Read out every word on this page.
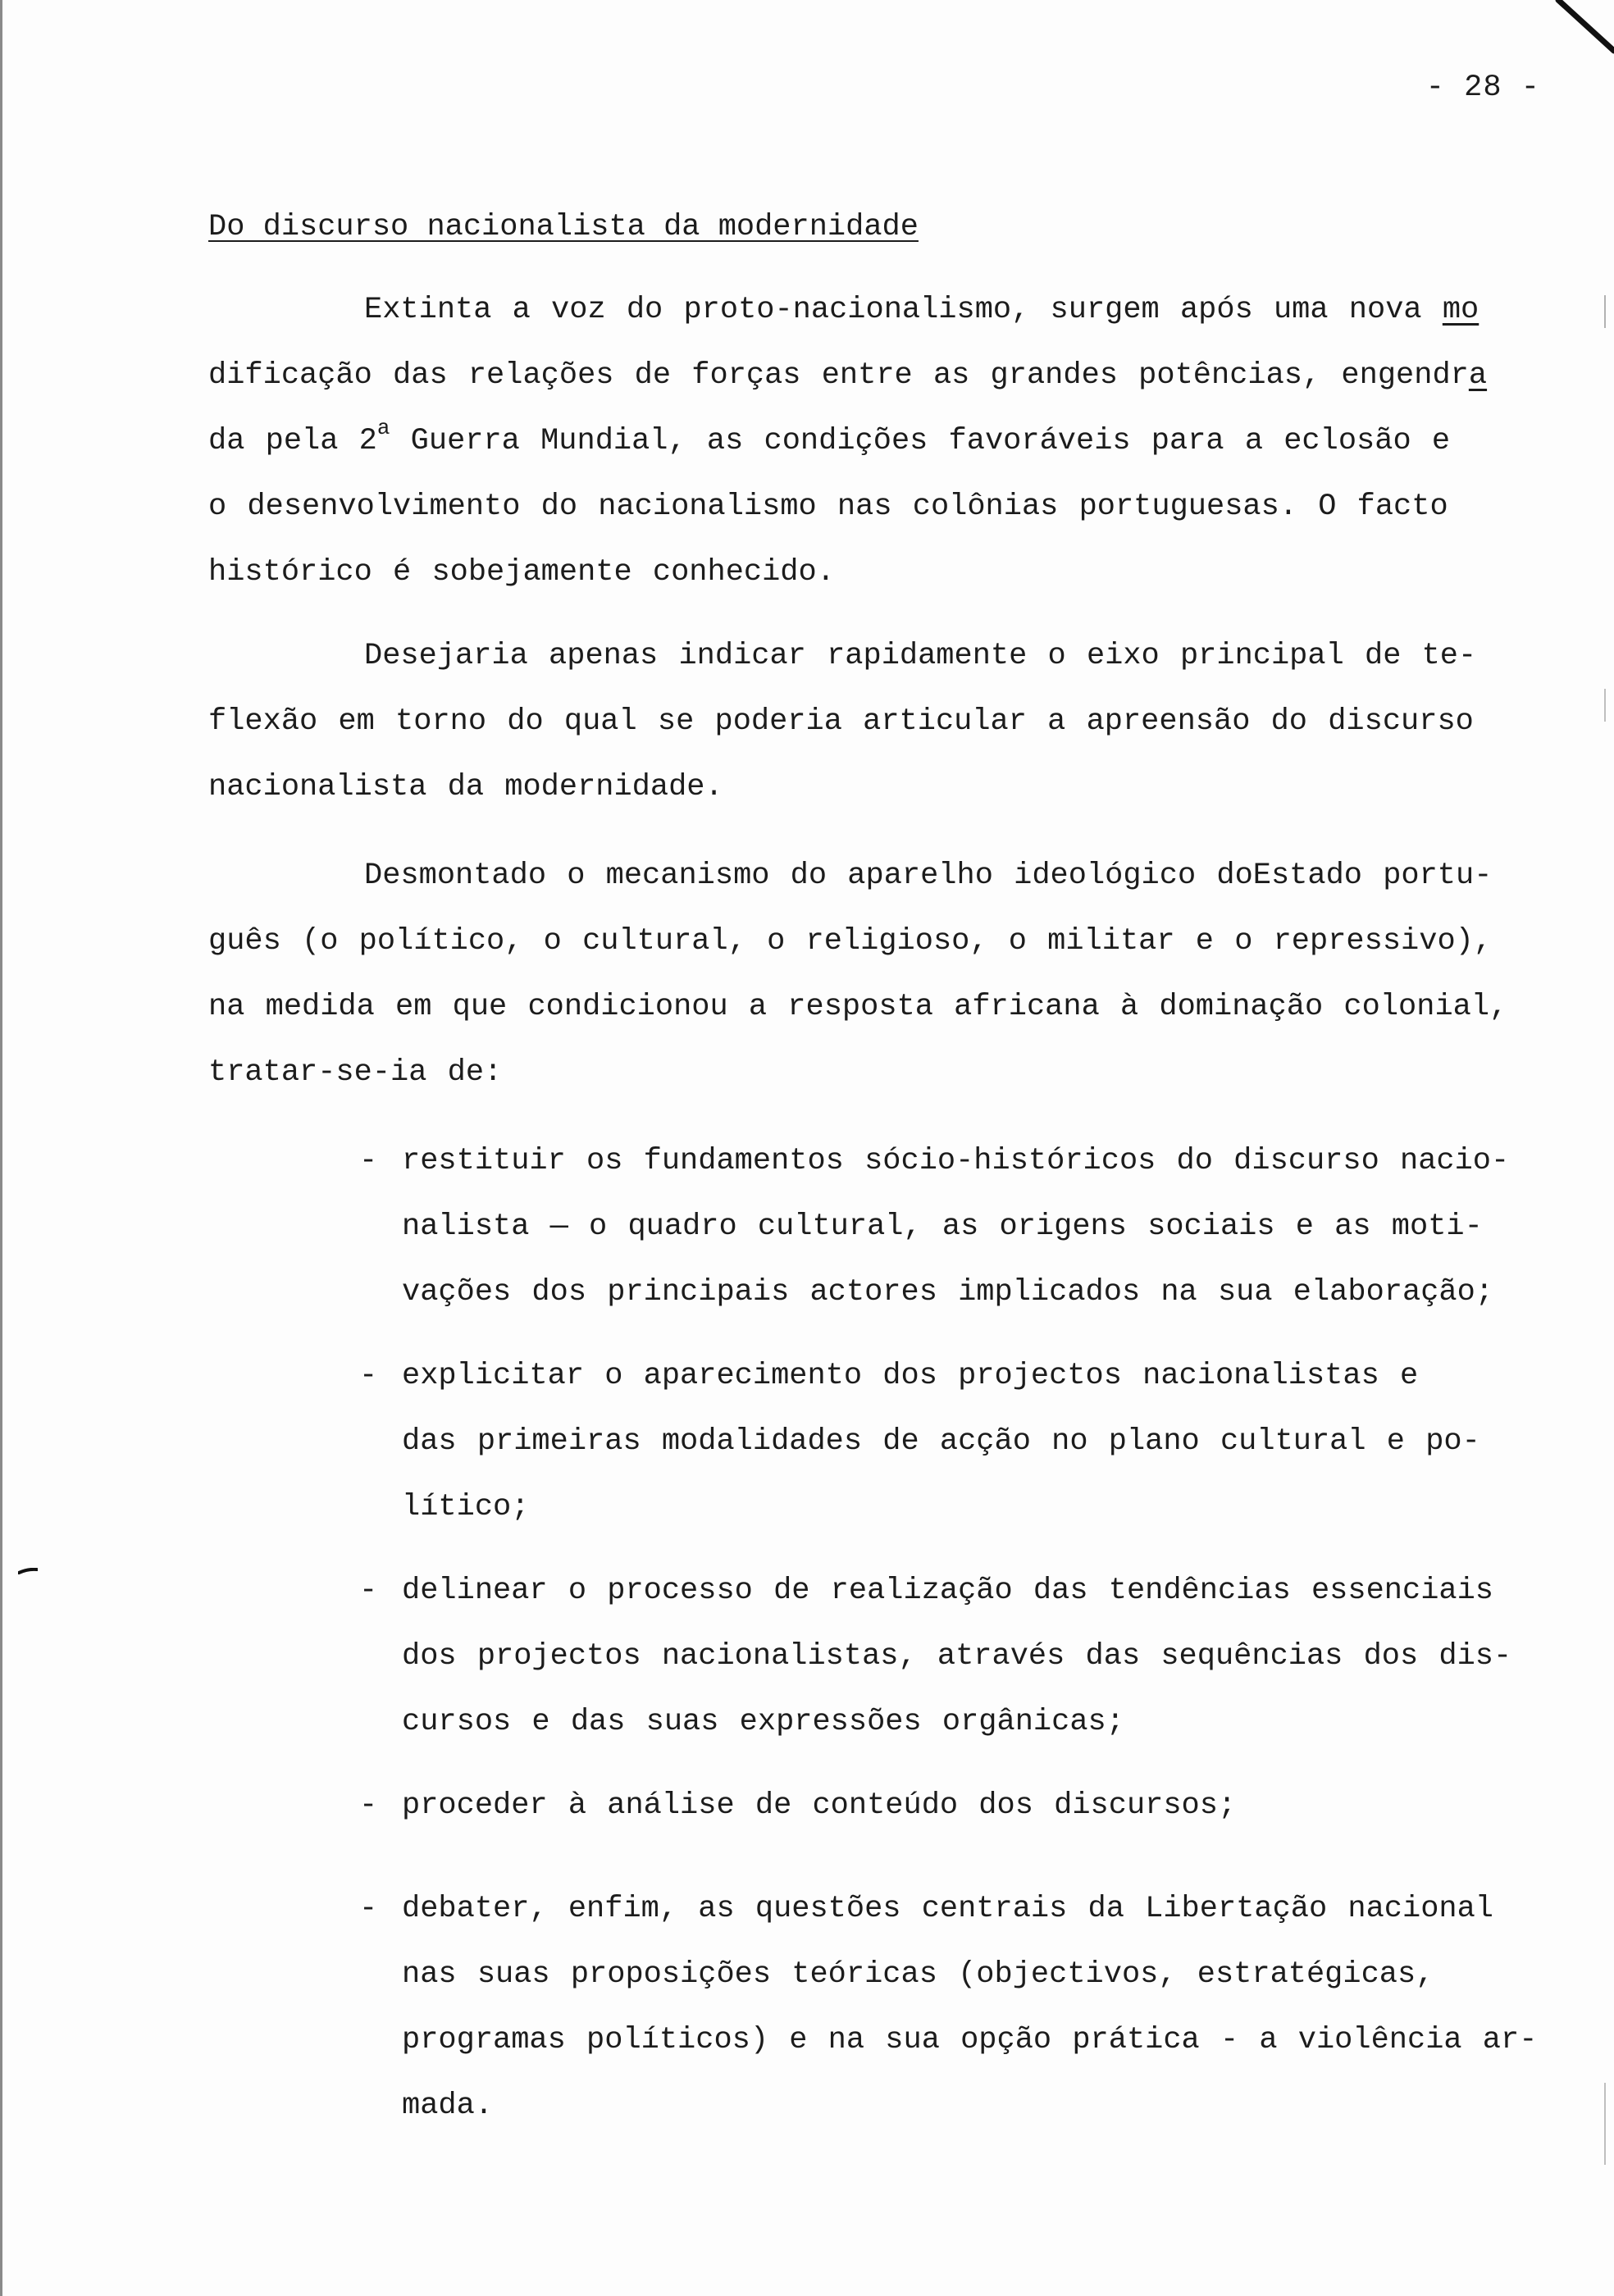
- 28 -
Do discurso nacionalista da modernidade

Extinta a voz do proto-nacionalismo, surgem após uma nova mo
dificação das relações de forças entre as grandes potências, engendra
da pela 2$^a$ Guerra Mundial, as condições favoráveis para a eclosão e
o desenvolvimento do nacionalismo nas colônias portuguesas. O facto
histórico é sobejamente conhecido.

Desejaria apenas indicar rapidamente o eixo principal de te-
flexão em torno do qual se poderia articular a apreensão do discurso
nacionalista da modernidade.

Desmontado o mecanismo do aparelho ideológico doEstado portu-
guês (o político, o cultural, o religioso, o militar e o repressivo),
na medida em que condicionou a resposta africana à dominação colonial,
tratar-se-ia de:

- restituir os fundamentos sócio-históricos do discurso nacio-
nalista — o quadro cultural, as origens sociais e as moti-
vações dos principais actores implicados na sua elaboração;
- explicitar o aparecimento dos projectos nacionalistas e
das primeiras modalidades de acção no plano cultural e po-
lítico;
- delinear o processo de realização das tendências essenciais
dos projectos nacionalistas, através das sequências dos dis-
cursos e das suas expressões orgânicas;
- proceder à análise de conteúdo dos discursos;
- debater, enfim, as questões centrais da Libertação nacional
nas suas proposições teóricas (objectivos, estratégicas,
programas políticos) e na sua opção prática - a violência ar-
mada.
